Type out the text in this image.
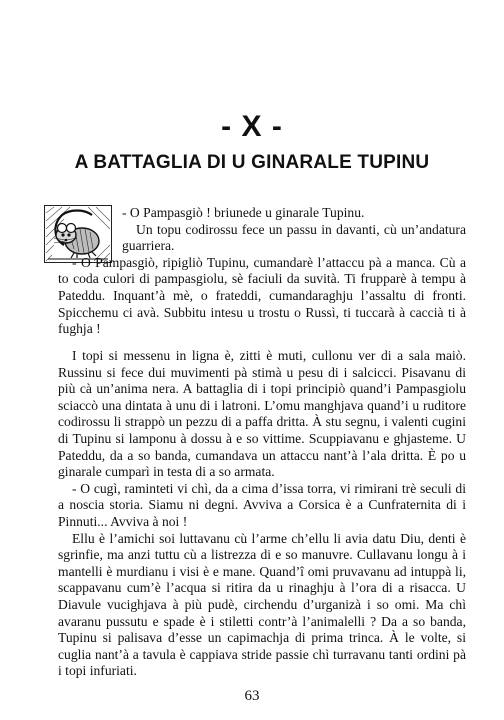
- X -
A BATTAGLIA DI U GINARALE TUPINU

- O Pampasgiò ! briunede u ginarale Tupinu.

Un topu codirossu fece un passu in davanti, cù un’andatura guarriera.

- O Pampasgiò, ripigliò Tupinu, cumandarè l’attaccu pà a manca. Cù a to coda culori di pampasgiolu, sè faciuli da suvità. Ti frupparè à tempu à Pateddu. Inquant’à mè, o frateddi, cumandaraghju l’assaltu di fronti. Spicchemu ci avà. Subbitu intesu u trostu o Russì, ti tuccarà à caccià ti à fughja !

I topi si messenu in ligna è, zitti è muti, cullonu ver di a sala maiò. Russinu si fece dui muvimenti pà stimà u pesu di i salcicci. Pisavanu di più cà un’anima nera. A battaglia di i topi principiò quand’i Pampasgiolu sciaccò una dintata à unu di i latroni. L’omu manghjava quand’i u ruditore codirossu li strappò un pezzu di a paffa dritta. À stu segnu, i valenti cugini di Tupinu si lamponu à dossu à e so vittime. Scuppiavanu e ghjasteme. U Pateddu, da a so banda, cumandava un attaccu nant’à l’ala dritta. È po u ginarale cumparì in testa di a so armata.

- O cugì, raminteti vi chì, da a cima d’issa torra, vi rimirani trè seculi di a noscia storia. Siamu ni degni. Avviva a Corsica è a Cunfraternita di i Pinnuti... Avviva à noi !

Ellu è l’amichi soi luttavanu cù l’arme ch’ellu li avia datu Diu, denti è sgrinfie, ma anzi tuttu cù a listrezza di e so manuvre. Cullavanu longu à i mantelli è murdianu i visi è e mane. Quand’î omi pruvavanu ad intuppà li, scappavanu cum’è l’acqua si ritira da u rinaghju à l’ora di a risacca. U Diavule vucighjava à più pudè, circhendu d’urganizà i so omi. Ma chì avaranu pussutu e spade è i stiletti contr’à l’animalelli ? Da a so banda, Tupinu si palisava d’esse un capimachja di prima trinca. À le volte, si cuglia nant’à a tavula è cappiava stride passie chì turravanu tanti ordini pà i topi infuriati.

63
